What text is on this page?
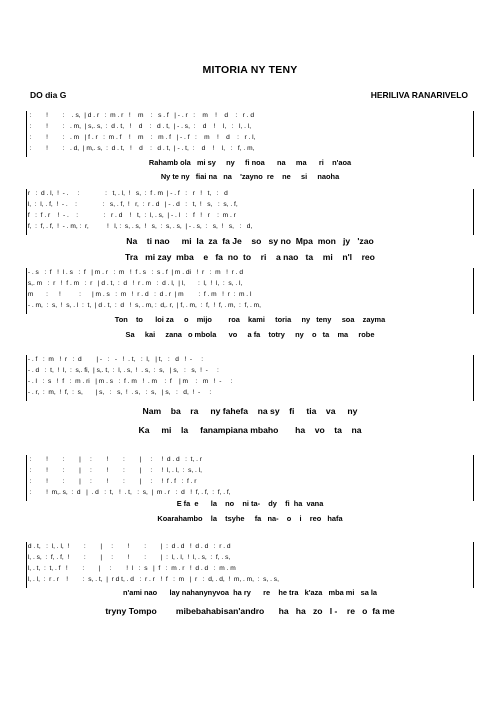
MITORIA NY TENY
DO dia G	HERILIVA RANARIVELO
:        !        :    . s,  | d . r   :  m . r   !    m    :   s . f   | - . r   :    m    !    d    :   r . d
:        !        :   . m,  | s,. s,  :  d . t,   !    d    :   d . t,  | - . s,  :    d    !    l,   :   l, . l,
:        !        :   . m   | f . r   :  m . f    !    m    :   m . f   | - . f   :    m    !    d    :   r . l,
:        !        :   . d,  | m,. s,  :  d . t,   !    d    :   d . t,  | - . t,  :    d    !    l,   :   f, . m,
Rahamb ola   mi sy     ny     fi noa      na     ma      ri    n'aoa
Ny te ny   fiai na   na    'zayno  re    ne     si     naoha
r   :  d . l,  !  - .     :              :   t, . l,  !   s,  :  f . m  | - . f   :   r   !   t,   :   d
l,  :  l, . f,  !  - .    :              :   s, . f,  !   r,  :  r . d   | - . d   :   t,  !   s,   :  s, . f,
f   :  f . r    !  - .    :              :   r . d    !   t,  :  l, . s,  | - . l   :   f   !   r    :  m . r
f,  :  f, . f,  !  - . m, :  r,          !   l, :  s, . s,  !   s,  :  s, . s,  | - . s,  :   s,  !   s,   :   d,
Na    ti nao     mi  la  za  fa Je    so   sy no  Mpa  mon   jy   'zao
Tra   mi zay  mba    e   fa  no  to    ri    a nao   ta    mi    n'l    reo
- . s   :  f   !  l . s   :  f   | m . r   :  m   !  f . s   :  s . f  | m . di   !  r   :  m   !  r . d
s,. m   :  r   !  f . m   :  r   | d . t,  :  d   !  r . m   :  d . l,  | l,       :  l,  !  l,  :  s, . l,
m       :      !          :      | m . s   :  m   !  r . d   :  d . r  | m        :  f . m   !  r  :  m . l
- . m,  :  s,  !  s, . l  :  t,  | d . t,  :  d   !  s, . m, :  d,. r,  | f, . m,  :  f,  !  f, . m,  :  f, . m,
Ton    to      loi za     o    mijo        roa    kami     toria     ny   teny     soa    zayma
Sa     kai     zana   o mbola      vo     a fa    totry     ny    o   ta    ma     robe
- . f   :  m   !  r   :  d        | -   :   -   !  . t,   :  l,   | t,   :   d   !  -     :
- . d   :  t,  !  l,  :  s,. fi,  | s,. t,  :  l, . s,  !  . s,  :  s,   | s,   :   s,  !  -     :
- . l   :  s   !  f   :  m . ri   | m . s   :  f . m   !  . m    :  f    | m    :   m   !  -     :
- . r,  :  m,  !  f,  :  s,       | s,   :   s,  !  . s,   :  s,   | s,   :   d,  !  -     :
Nam    ba    ra     ny fahefa    na sy    fi     tia    va     ny
Ka     mi    la     fanampiana mbaho       ha    vo    ta    na
:        !        :        |     :        !        :        |     :     !  d . d   :  t, . r
:        !        :        |     :        !        :        |     :     !  l, . l,  :  s, . l,
:        !        :        |     :        !        :        |     :     !  f . f   :  f . r
:        !  m,. s,  :  d   |  . d   :  t,   !  . t,   :  s,  |  m . r   :  d   !  f, . f,  :  f, . f,
E fa  e      la    no    ni ta-    dy    fi  ha  vana
Koarahambo    la    tsyhe     fa   na-    o    i    reo   hafa
d . t,   :  l, . l,  !        :        |     :        !        :        |  :  d . d   !  d . d   :  r . d
l, . s,  :  f, . f,  !        :        |     :        !        :        |  :  l, . l,  !  l, . s,  :  f, . s,
l, . t,  :  t, . f   !        :        |     :        !  l   :  s   |  f   :  m . r   !  d . d   :  m . m
l, . l,  :  r . r    !        :  s, . t,  |  r d t, . d   :  r . r   !  f   :  m   |  r   :  d, . d,  !  m, . m,  :  s, . s,
n'ami nao      lay nahanynyvoa  ha ry      re    he tra   k'aza   mba mi   sa la
tryny Tompo        mibebahabisan'andro      ha   ha   zo   l -    re   o  fa me
